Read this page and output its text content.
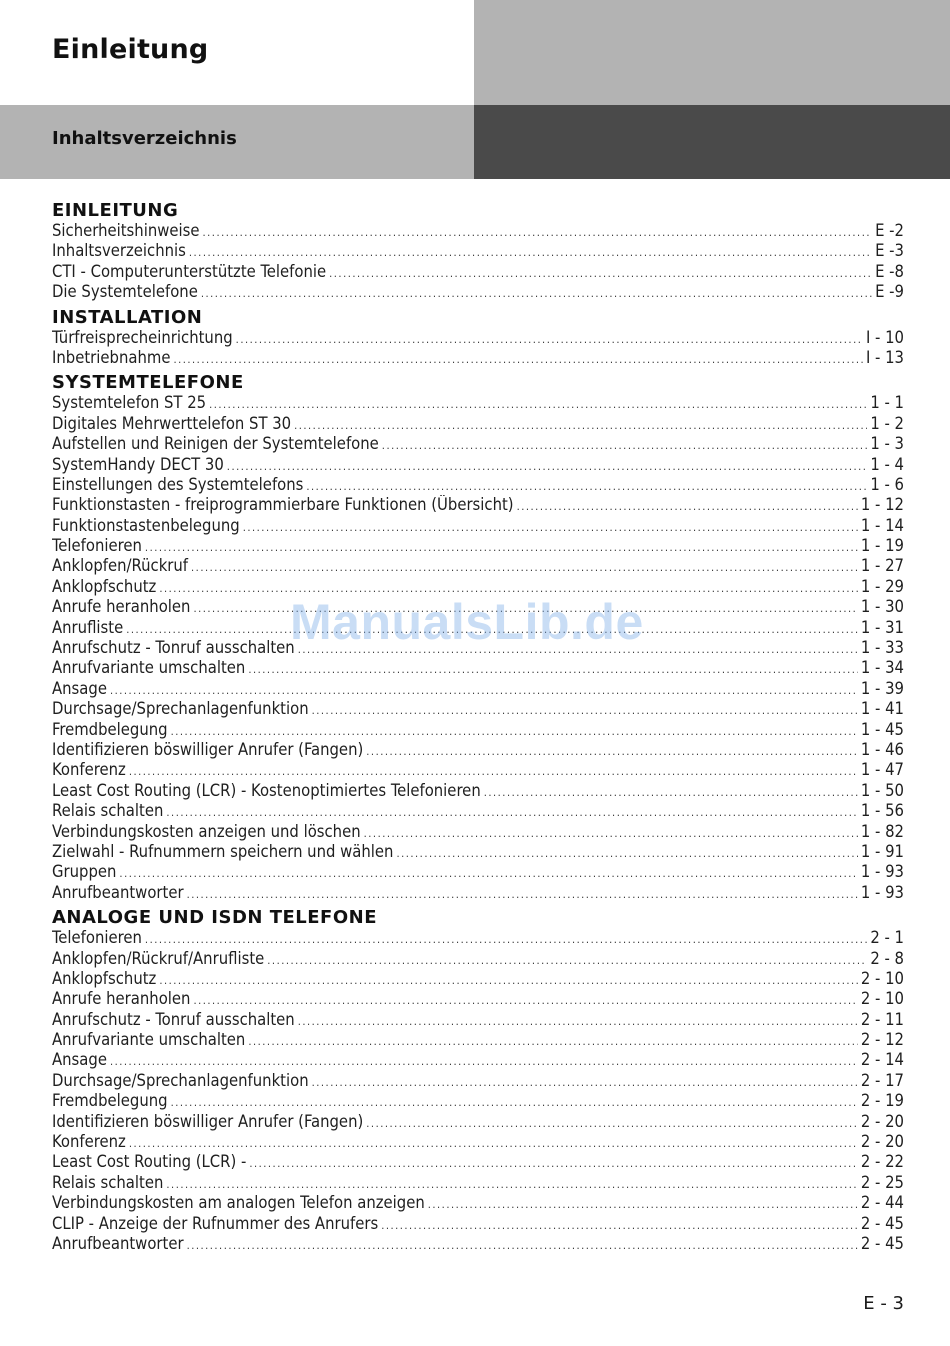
Einleitung
Inhaltsverzeichnis
EINLEITUNG
Sicherheitshinweise .....	E -2
Inhaltsverzeichnis .....	E -3
CTI - Computerunterstützte Telefonie .....	E -8
Die Systemtelefone .....	E -9
INSTALLATION
Türfreisprecheinrichtung .....	I - 10
Inbetriebnahme .....	I - 13
SYSTEMTELEFONE
Systemtelefon ST 25 .....	1 - 1
Digitales Mehrwerttelefon ST 30 .....	1 - 2
Aufstellen und Reinigen der Systemtelefone .....	1 - 3
SystemHandy DECT 30 .....	1 - 4
Einstellungen des Systemtelefons .....	1 - 6
Funktionstasten - freiprogrammierbare Funktionen (Übersicht) .....	1 - 12
Funktionstastenbelegung .....	1 - 14
Telefonieren .....	1 - 19
Anklopfen/Rückruf .....	1 - 27
Anklopfschutz .....	1 - 29
Anrufe heranholen .....	1 - 30
Anrufliste .....	1 - 31
Anrufschutz - Tonruf ausschalten .....	1 - 33
Anrufvariante umschalten .....	1 - 34
Ansage .....	1 - 39
Durchsage/Sprechanlagenfunktion .....	1 - 41
Fremdbelegung .....	1 - 45
Identifizieren böswilliger Anrufer (Fangen) .....	1 - 46
Konferenz .....	1 - 47
Least Cost Routing (LCR) - Kostenoptimiertes Telefonieren .....	1 - 50
Relais schalten .....	1 - 56
Verbindungskosten anzeigen und löschen .....	1 - 82
Zielwahl - Rufnummern speichern und wählen .....	1 - 91
Gruppen .....	1 - 93
Anrufbeantworter .....	1 - 93
ANALOGE UND ISDN TELEFONE
Telefonieren .....	2 - 1
Anklopfen/Rückruf/Anrufliste .....	2 - 8
Anklopfschutz .....	2 - 10
Anrufe heranholen .....	2 - 10
Anrufschutz - Tonruf ausschalten .....	2 - 11
Anrufvariante umschalten .....	2 - 12
Ansage .....	2 - 14
Durchsage/Sprechanlagenfunktion .....	2 - 17
Fremdbelegung .....	2 - 19
Identifizieren böswilliger Anrufer (Fangen) .....	2 - 20
Konferenz .....	2 - 20
Least Cost Routing (LCR) - .....	2 - 22
Relais schalten .....	2 - 25
Verbindungskosten am analogen Telefon anzeigen .....	2 - 44
CLIP - Anzeige der Rufnummer des Anrufers .....	2 - 45
Anrufbeantworter .....	2 - 45
ManualsLib.de
E - 3
